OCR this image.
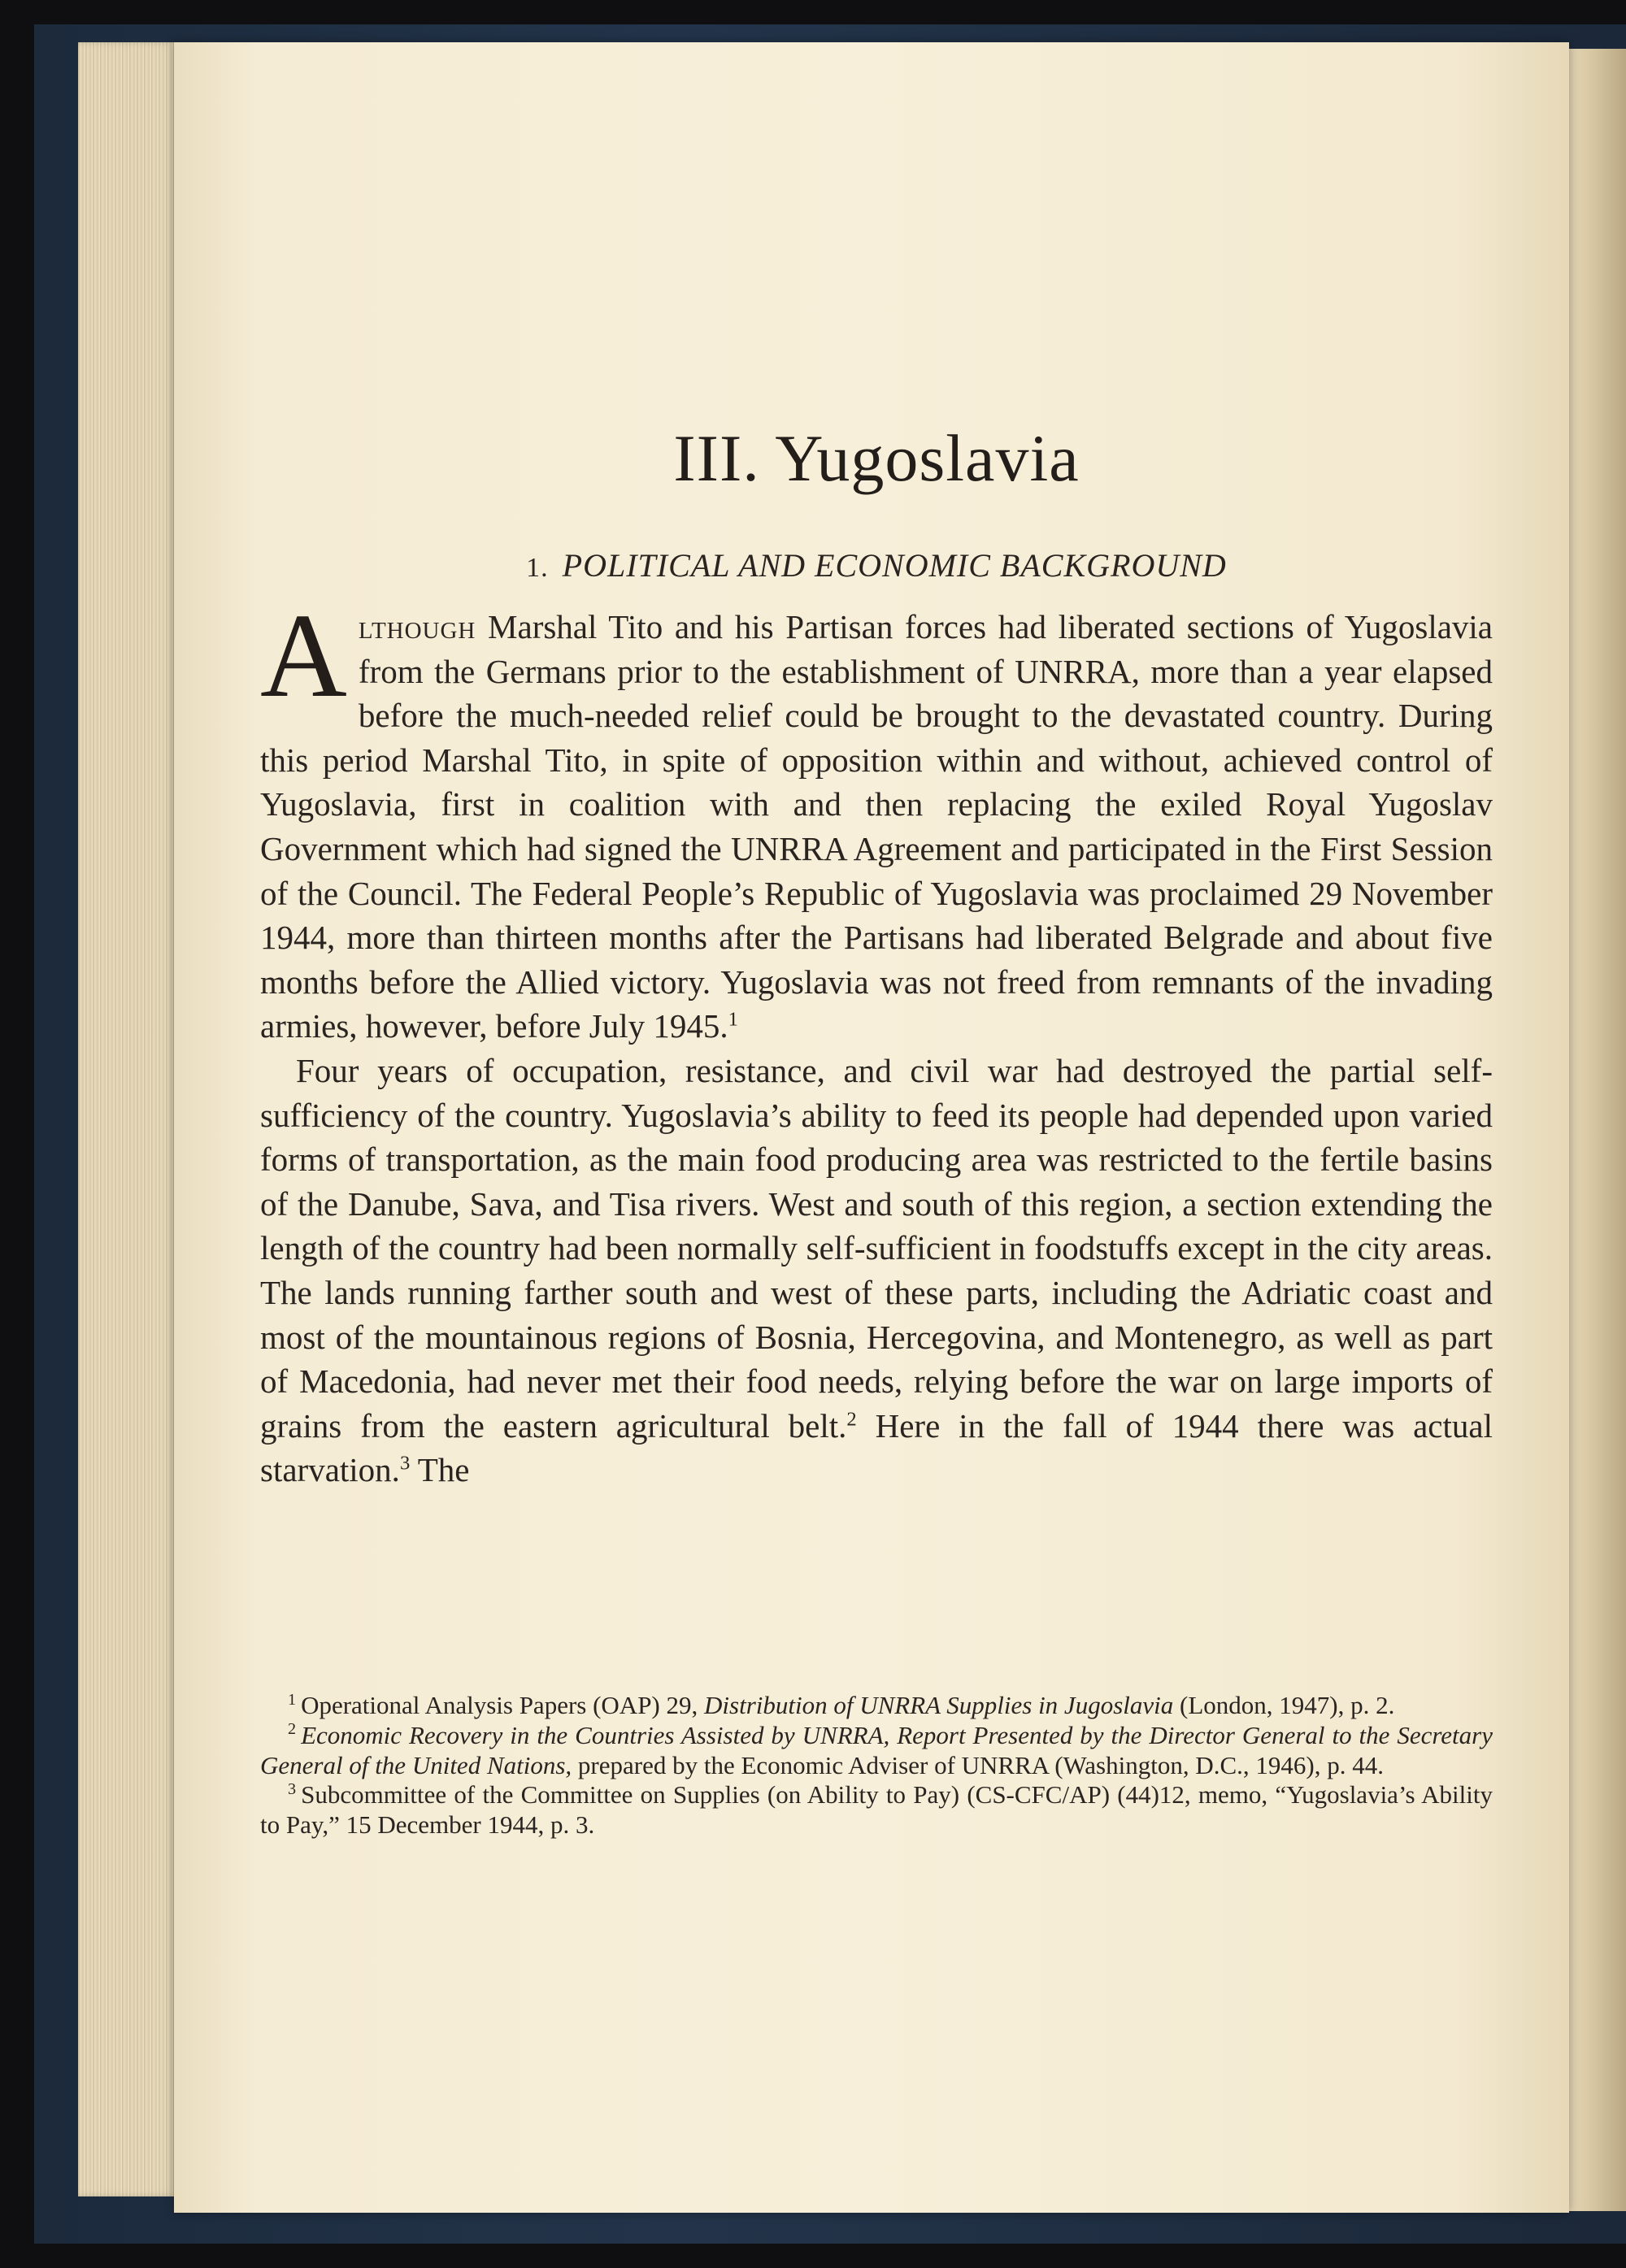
III. Yugoslavia
1. POLITICAL AND ECONOMIC BACKGROUND

Although Marshal Tito and his Partisan forces had liberated sections of Yugoslavia from the Germans prior to the establishment of UNRRA, more than a year elapsed before the much-needed relief could be brought to the devastated country. During this period Marshal Tito, in spite of opposition within and without, achieved control of Yugoslavia, first in coalition with and then replacing the exiled Royal Yugoslav Government which had signed the UNRRA Agreement and participated in the First Session of the Council. The Federal People’s Republic of Yugoslavia was proclaimed 29 November 1944, more than thirteen months after the Partisans had liberated Belgrade and about five months before the Allied victory. Yugoslavia was not freed from remnants of the invading armies, however, before July 1945.$^1$

Four years of occupation, resistance, and civil war had destroyed the partial self-sufficiency of the country. Yugoslavia’s ability to feed its people had depended upon varied forms of transportation, as the main food producing area was restricted to the fertile basins of the Danube, Sava, and Tisa rivers. West and south of this region, a section extending the length of the country had been normally self-sufficient in foodstuffs except in the city areas. The lands running farther south and west of these parts, including the Adriatic coast and most of the mountainous regions of Bosnia, Hercegovina, and Montenegro, as well as part of Macedonia, had never met their food needs, relying before the war on large imports of grains from the eastern agricultural belt.$^2$ Here in the fall of 1944 there was actual starvation.$^3$ The

$^1$ Operational Analysis Papers (OAP) 29, Distribution of UNRRA Supplies in Jugoslavia (London, 1947), p. 2.

$^2$ Economic Recovery in the Countries Assisted by UNRRA, Report Presented by the Director General to the Secretary General of the United Nations, prepared by the Economic Adviser of UNRRA (Washington, D.C., 1946), p. 44.

$^3$ Subcommittee of the Committee on Supplies (on Ability to Pay) (CS-CFC/AP) (44)12, memo, “Yugoslavia’s Ability to Pay,” 15 December 1944, p. 3.
